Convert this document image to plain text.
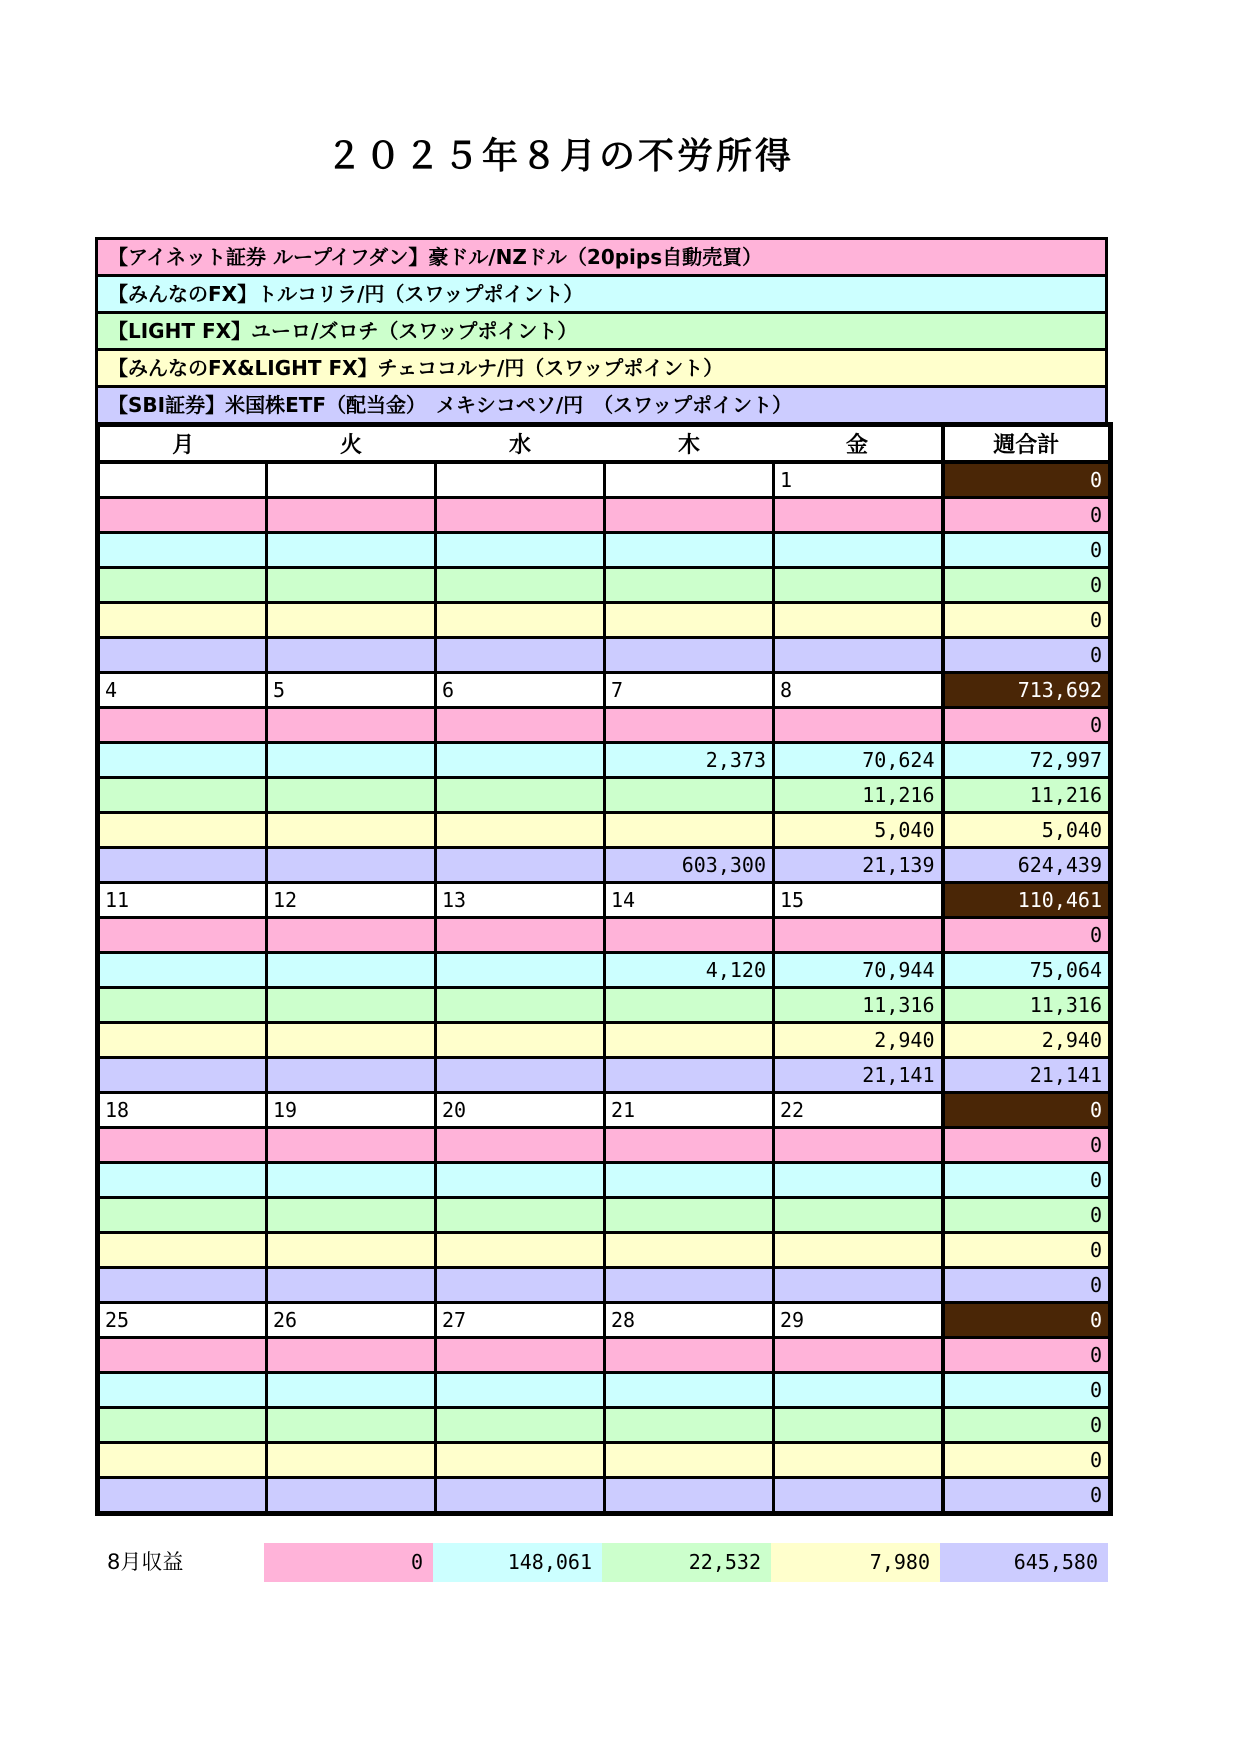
２０２５年８月の不労所得
【アイネット証券 ループイフダン】豪ドル/NZドル（20pips自動売買）
【みんなのFX】トルコリラ/円（スワップポイント）
【LIGHT FX】ユーロ/ズロチ（スワップポイント）
【みんなのFX&LIGHT FX】チェココルナ/円（スワップポイント）
【SBI証券】米国株ETF（配当金）　メキシコペソ/円　（スワップポイント）
月	火	水	木	金	週合計
				1	0
					0
					0
					0
					0
					0
4	5	6	7	8	713,692
					0
			2,373	70,624	72,997
				11,216	11,216
				5,040	5,040
			603,300	21,139	624,439
11	12	13	14	15	110,461
					0
			4,120	70,944	75,064
				11,316	11,316
				2,940	2,940
				21,141	21,141
18	19	20	21	22	0
					0
					0
					0
					0
					0
25	26	27	28	29	0
					0
					0
					0
					0
					0
8月収益	0	148,061	22,532	7,980	645,580
